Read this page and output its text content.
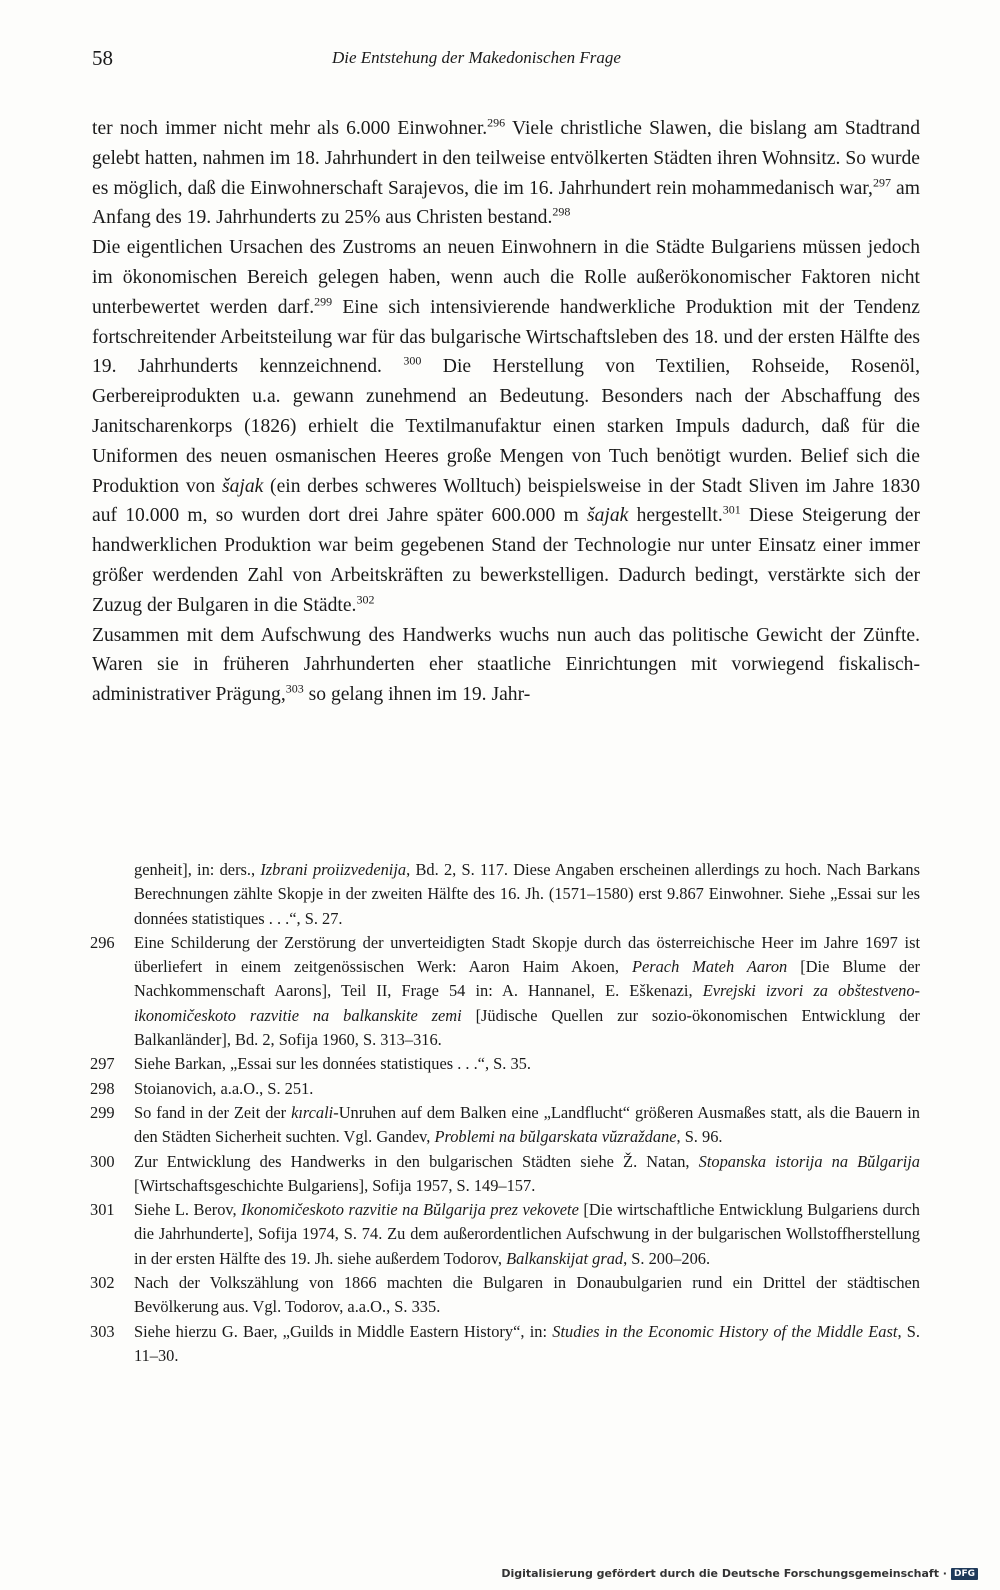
58	Die Entstehung der Makedonischen Frage

ter noch immer nicht mehr als 6.000 Einwohner.$^{296}$ Viele christliche Slawen, die bislang am Stadtrand gelebt hatten, nahmen im 18. Jahrhundert in den teilweise entvölkerten Städten ihren Wohnsitz. So wurde es möglich, daß die Einwohnerschaft Sarajevos, die im 16. Jahrhundert rein mohammedanisch war,$^{297}$ am Anfang des 19. Jahrhunderts zu 25% aus Christen bestand.$^{298}$

Die eigentlichen Ursachen des Zustroms an neuen Einwohnern in die Städte Bulgariens müssen jedoch im ökonomischen Bereich gelegen haben, wenn auch die Rolle außerökonomischer Faktoren nicht unterbewertet werden darf.$^{299}$ Eine sich intensivierende handwerkliche Produktion mit der Tendenz fortschreitender Arbeitsteilung war für das bulgarische Wirtschaftsleben des 18. und der ersten Hälfte des 19. Jahrhunderts kennzeichnend. $^{300}$ Die Herstellung von Textilien, Rohseide, Rosenöl, Gerbereiprodukten u.a. gewann zunehmend an Bedeutung. Besonders nach der Abschaffung des Janitscharenkorps (1826) erhielt die Textilmanufaktur einen starken Impuls dadurch, daß für die Uniformen des neuen osmanischen Heeres große Mengen von Tuch benötigt wurden. Belief sich die Produktion von šajak (ein derbes schweres Wolltuch) beispielsweise in der Stadt Sliven im Jahre 1830 auf 10.000 m, so wurden dort drei Jahre später 600.000 m šajak hergestellt.$^{301}$ Diese Steigerung der handwerklichen Produktion war beim gegebenen Stand der Technologie nur unter Einsatz einer immer größer werdenden Zahl von Arbeitskräften zu bewerkstelligen. Dadurch bedingt, verstärkte sich der Zuzug der Bulgaren in die Städte.$^{302}$

Zusammen mit dem Aufschwung des Handwerks wuchs nun auch das politische Gewicht der Zünfte. Waren sie in früheren Jahrhunderten eher staatliche Einrichtungen mit vorwiegend fiskalisch-administrativer Prägung,$^{303}$ so gelang ihnen im 19. Jahr-

genheit], in: ders., Izbrani proiizvedenija, Bd. 2, S. 117. Diese Angaben erscheinen allerdings zu hoch. Nach Barkans Berechnungen zählte Skopje in der zweiten Hälfte des 16. Jh. (1571–1580) erst 9.867 Einwohner. Siehe „Essai sur les données statistiques . . .“, S. 27.
296	Eine Schilderung der Zerstörung der unverteidigten Stadt Skopje durch das österreichische Heer im Jahre 1697 ist überliefert in einem zeitgenössischen Werk: Aaron Haim Akoen, Perach Mateh Aaron [Die Blume der Nachkommenschaft Aarons], Teil II, Frage 54 in: A. Hannanel, E. Eškenazi, Evrejski izvori za obštestveno-ikonomičeskoto razvitie na balkanskite zemi [Jüdische Quellen zur sozio-ökonomischen Entwicklung der Balkanländer], Bd. 2, Sofija 1960, S. 313–316.
297	Siehe Barkan, „Essai sur les données statistiques . . .“, S. 35.
298	Stoianovich, a.a.O., S. 251.
299	So fand in der Zeit der kırcali-Unruhen auf dem Balken eine „Landflucht“ größeren Ausmaßes statt, als die Bauern in den Städten Sicherheit suchten. Vgl. Gandev, Problemi na bŭlgarskata vŭzraždane, S. 96.
300	Zur Entwicklung des Handwerks in den bulgarischen Städten siehe Ž. Natan, Stopanska istorija na Bŭlgarija [Wirtschaftsgeschichte Bulgariens], Sofija 1957, S. 149–157.
301	Siehe L. Berov, Ikonomičeskoto razvitie na Bŭlgarija prez vekovete [Die wirtschaftliche Entwicklung Bulgariens durch die Jahrhunderte], Sofija 1974, S. 74. Zu dem außerordentlichen Aufschwung in der bulgarischen Wollstoffherstellung in der ersten Hälfte des 19. Jh. siehe außerdem Todorov, Balkanskijat grad, S. 200–206.
302	Nach der Volkszählung von 1866 machten die Bulgaren in Donaubulgarien rund ein Drittel der städtischen Bevölkerung aus. Vgl. Todorov, a.a.O., S. 335.
303	Siehe hierzu G. Baer, „Guilds in Middle Eastern History“, in: Studies in the Economic History of the Middle East, S. 11–30.
Digitalisierung gefördert durch die Deutsche Forschungsgemeinschaft · DFG
